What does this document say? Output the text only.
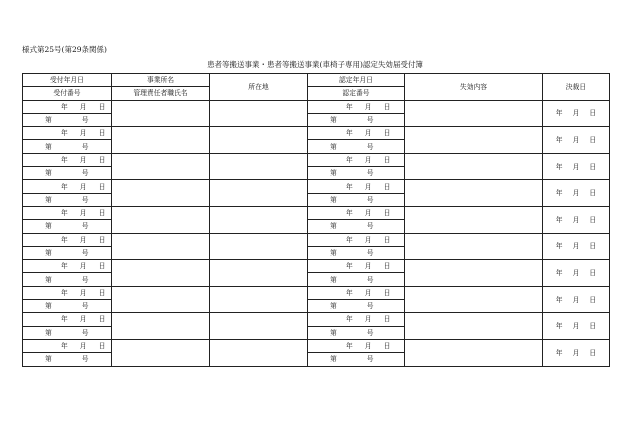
様式第25号(第29条関係)
患者等搬送事業・患者等搬送事業(車椅子専用)認定失効届受付簿
受付年月日	事業所名	所在地	認定年月日	失効内容	決裁日
受付番号	管理責任者職氏名		認定番号		
年 月 日			年 月 日		年 月 日
第 号			第 号		
年 月 日			年 月 日		年 月 日
第 号			第 号		
年 月 日			年 月 日		年 月 日
第 号			第 号		
年 月 日			年 月 日		年 月 日
第 号			第 号		
年 月 日			年 月 日		年 月 日
第 号			第 号		
年 月 日			年 月 日		年 月 日
第 号			第 号		
年 月 日			年 月 日		年 月 日
第 号			第 号		
年 月 日			年 月 日		年 月 日
第 号			第 号		
年 月 日			年 月 日		年 月 日
第 号			第 号		
年 月 日			年 月 日		年 月 日
第 号			第 号		
